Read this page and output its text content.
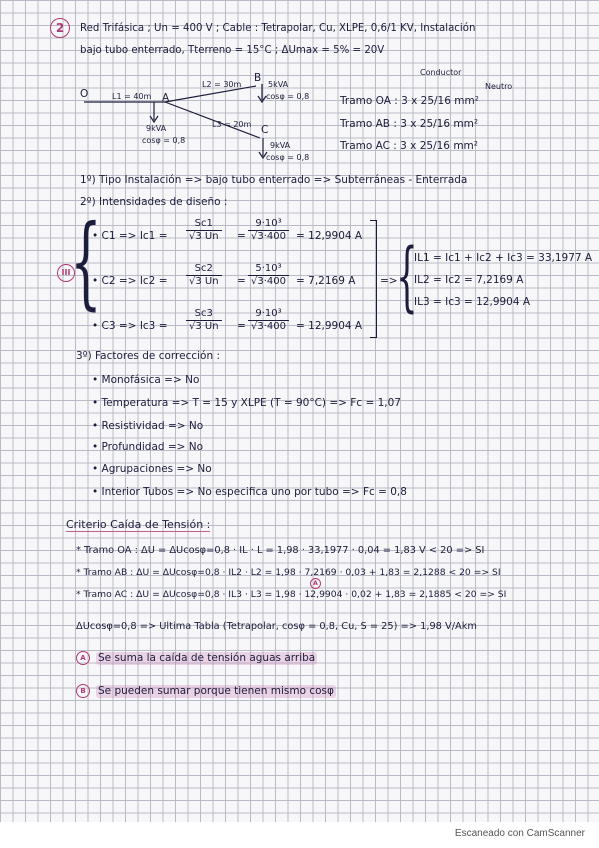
2	Red Trifásica ; Un = 400 V ; Cable : Tetrapolar, Cu, XLPE, 0,6/1 KV, Instalación
bajo tubo enterrado, Tterreno = 15°C ; ΔUmax = 5% = 20V
O	A
B
C
L1 = 40m
L2 = 30m
L3 = 20m
5kVA
cosφ = 0,8
9kVA
cosφ = 0,8
9kVA
cosφ = 0,8
Conductor
Neutro
Tramo OA : 3 x 25/16 mm²
Tramo AB : 3 x 25/16 mm²
Tramo AC : 3 x 25/16 mm²
1º) Tipo Instalación => bajo tubo enterrado => Subterráneas - Enterrada
2º) Intensidades de diseño :
{
III
• $C1 => Ic1 = \frac{Sc1}{√3 Un} = \frac{\text{9·10³}}{√3\cdot 400} = 12,9904$ A
• $C2 => Ic2 = \frac{Sc2}{√3 Un} = \frac{\text{5·10³}}{√3\cdot 400} = 7,2169$ A
• $C3 => Ic3 = \frac{Sc3}{√3 Un} = \frac{\text{9·10³}}{√3\cdot 400} = 12,9904$ A
=>
{
IL1 = Ic1 + Ic2 + Ic3 = 33,1977 A
IL2 = Ic2 = 7,2169 A
IL3 = Ic3 = 12,9904 A
3º) Factores de corrección :
• Monofásica => No
• Temperatura => T = 15 y XLPE (T = 90°C) => Fc = 1,07
• Resistividad => No
• Profundidad => No
• Agrupaciones => No
• Interior Tubos => No especifica uno por tubo => Fc = 0,8
Criterio Caída de Tensión :
* Tramo OA : ΔU = ΔUcosφ=0,8 · IL · L = 1,98 · 33,1977 · 0,04 = 1,83 V < 20 => SI
* Tramo AB : ΔU = ΔUcosφ=0,8 · IL2 · L2 = 1,98 · 7,2169 · 0,03 + 1,83 = 2,1288 < 20 => SI
A
* Tramo AC : ΔU = ΔUcosφ=0,8 · IL3 · L3 = 1,98 · 12,9904 · 0,02 + 1,83 = 2,1885 < 20 => SI
ΔUcosφ=0,8 => Ultima Tabla (Tetrapolar, cosφ = 0,8, Cu, S = 25) => 1,98 V/Akm
A	Se suma la caída de tensión aguas arriba
B	Se pueden sumar porque tienen mismo cosφ
Escaneado con CamScanner
